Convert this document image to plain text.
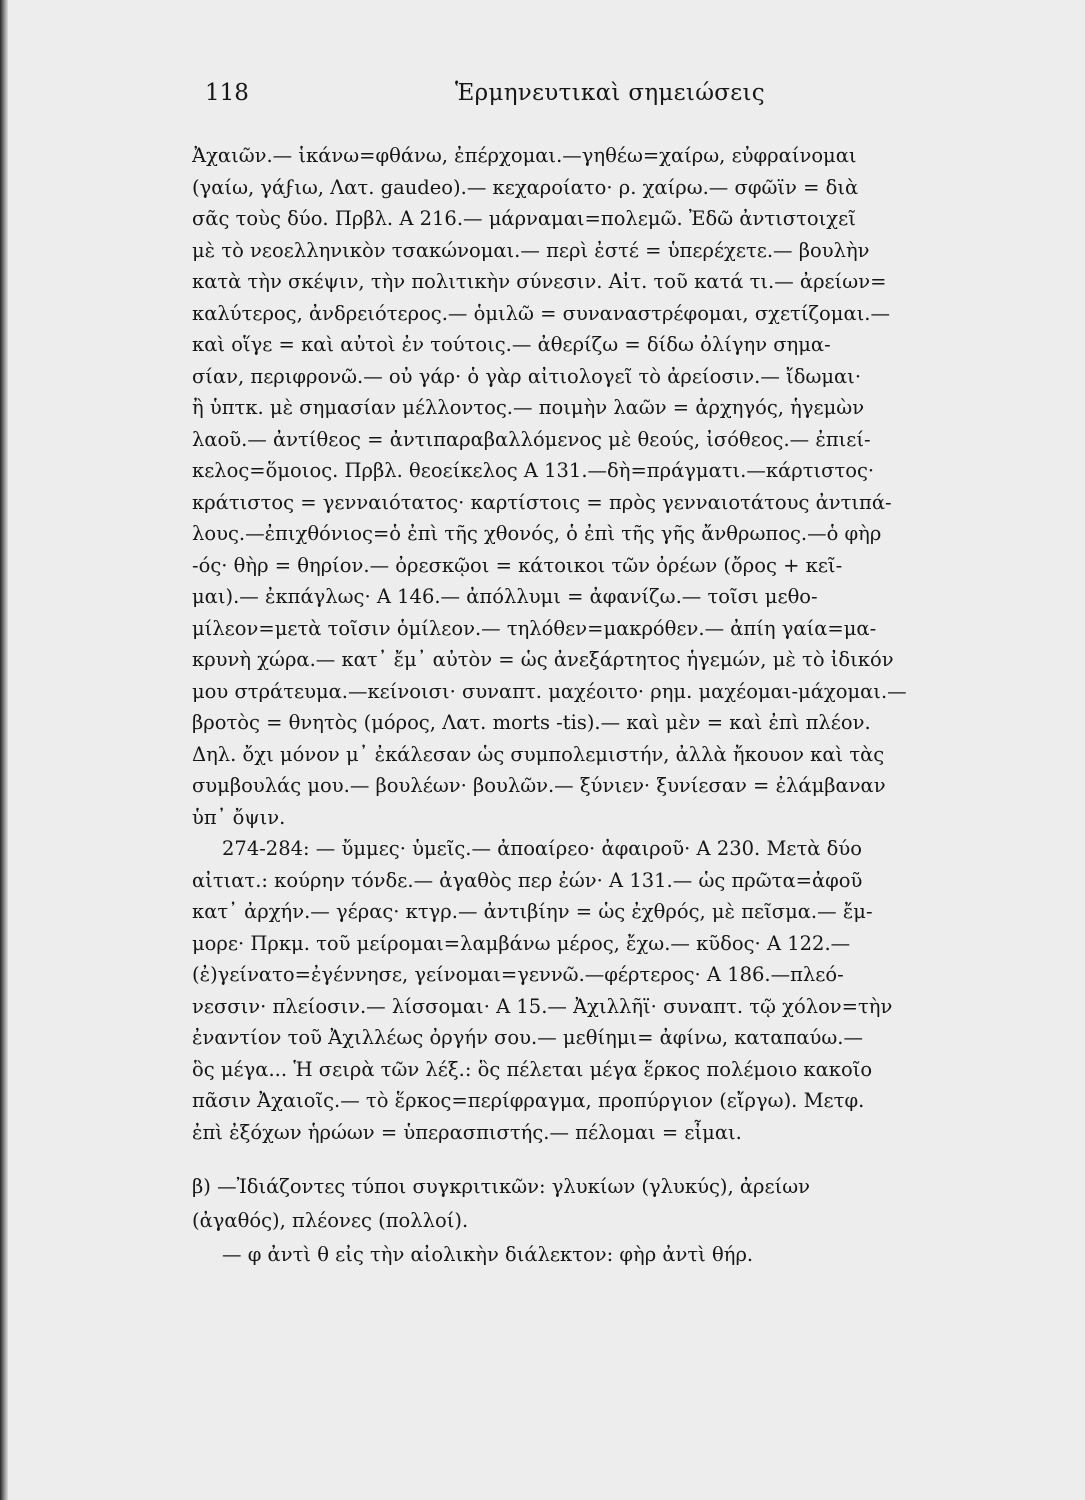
118	Ἑρμηνευτικαὶ σημειώσεις
Ἀχαιῶν.— ἱκάνω=φθάνω, ἐπέρχομαι.—γηθέω=χαίρω, εὐφραίνομαι
(γαίω, γάϝιω, Λατ. gaudeo).— κεχαροίατο· ρ. χαίρω.— σφῶϊν = διὰ
σᾶς τοὺς δύο. Πρβλ. Α 216.— μάρναμαι=πολεμῶ. Ἐδῶ ἀντιστοιχεῖ
μὲ τὸ νεοελληνικὸν τσακώνομαι.— περὶ ἐστέ = ὑπερέχετε.— βουλὴν
κατὰ τὴν σκέψιν, τὴν πολιτικὴν σύνεσιν. Αἰτ. τοῦ κατά τι.— ἀρείων=
καλύτερος, ἀνδρειότερος.— ὁμιλῶ = συναναστρέφομαι, σχετίζομαι.—
καὶ οἵγε = καὶ αὐτοὶ ἐν τούτοις.— ἀθερίζω = δίδω ὀλίγην σημα-
σίαν, περιφρονῶ.— οὐ γάρ· ὁ γὰρ αἰτιολογεῖ τὸ ἀρείοσιν.— ἴδωμαι·
ἢ ὑπτκ. μὲ σημασίαν μέλλοντος.— ποιμὴν λαῶν = ἀρχηγός, ἡγεμὼν
λαοῦ.— ἀντίθεος = ἀντιπαραβαλλόμενος μὲ θεούς, ἰσόθεος.— ἐπιεί-
κελος=ὅμοιος. Πρβλ. θεοείκελος Α 131.—δὴ=πράγματι.—κάρτιστος·
κράτιστος = γενναιότατος· καρτίστοις = πρὸς γενναιοτάτους ἀντιπά-
λους.—ἐπιχθόνιος=ὁ ἐπὶ τῆς χθονός, ὁ ἐπὶ τῆς γῆς ἄνθρωπος.—ὁ φὴρ
-ός· θὴρ = θηρίον.— ὀρεσκῷοι = κάτοικοι τῶν ὀρέων (ὄρος + κεῖ-
μαι).— ἐκπάγλως· Α 146.— ἀπόλλυμι = ἀφανίζω.— τοῖσι μεθο-
μίλεον=μετὰ τοῖσιν ὁμίλεον.— τηλόθεν=μακρόθεν.— ἀπίη γαία=μα-
κρυνὴ χώρα.— κατ᾽ ἔμ᾽ αὐτὸν = ὡς ἀνεξάρτητος ἡγεμών, μὲ τὸ ἰδικόν
μου στράτευμα.—κείνοισι· συναπτ. μαχέοιτο· ρημ. μαχέομαι-μάχομαι.—
βροτὸς = θνητὸς (μόρος, Λατ. morts -tis).— καὶ μὲν = καὶ ἐπὶ πλέον.
Δηλ. ὄχι μόνον μ᾽ ἐκάλεσαν ὡς συμπολεμιστήν, ἀλλὰ ἤκουον καὶ τὰς
συμβουλάς μου.— βουλέων· βουλῶν.— ξύνιεν· ξυνίεσαν = ἐλάμβαναν
ὑπ᾽ ὄψιν.
274-284: — ὔμμες· ὑμεῖς.— ἀποαίρεο· ἀφαιροῦ· Α 230. Μετὰ δύο
αἰτιατ.: κούρην τόνδε.— ἀγαθὸς περ ἐών· Α 131.— ὡς πρῶτα=ἀφοῦ
κατ᾽ ἀρχήν.— γέρας· κτγρ.— ἀντιβίην = ὡς ἐχθρός, μὲ πεῖσμα.— ἔμ-
μορε· Πρκμ. τοῦ μείρομαι=λαμβάνω μέρος, ἔχω.— κῦδος· Α 122.—
(ἐ)γείνατο=ἐγέννησε, γείνομαι=γεννῶ.—φέρτερος· Α 186.—πλεό-
νεσσιν· πλείοσιν.— λίσσομαι· Α 15.— Ἀχιλλῆϊ· συναπτ. τῷ χόλον=τὴν
ἐναντίον τοῦ Ἀχιλλέως ὀργήν σου.— μεθίημι= ἀφίνω, καταπαύω.—
ὃς μέγα... Ἡ σειρὰ τῶν λέξ.: ὃς πέλεται μέγα ἕρκος πολέμοιο κακοῖο
πᾶσιν Ἀχαιοῖς.— τὸ ἕρκος=περίφραγμα, προπύργιον (εἴργω). Μετφ.
ἐπὶ ἐξόχων ἡρώων = ὑπερασπιστής.— πέλομαι = εἶμαι.
β) —Ἰδιάζοντες τύποι συγκριτικῶν: γλυκίων (γλυκύς), ἀρείων
(ἀγαθός), πλέονες (πολλοί).
— φ ἀντὶ θ εἰς τὴν αἰολικὴν διάλεκτον: φὴρ ἀντὶ θήρ.
